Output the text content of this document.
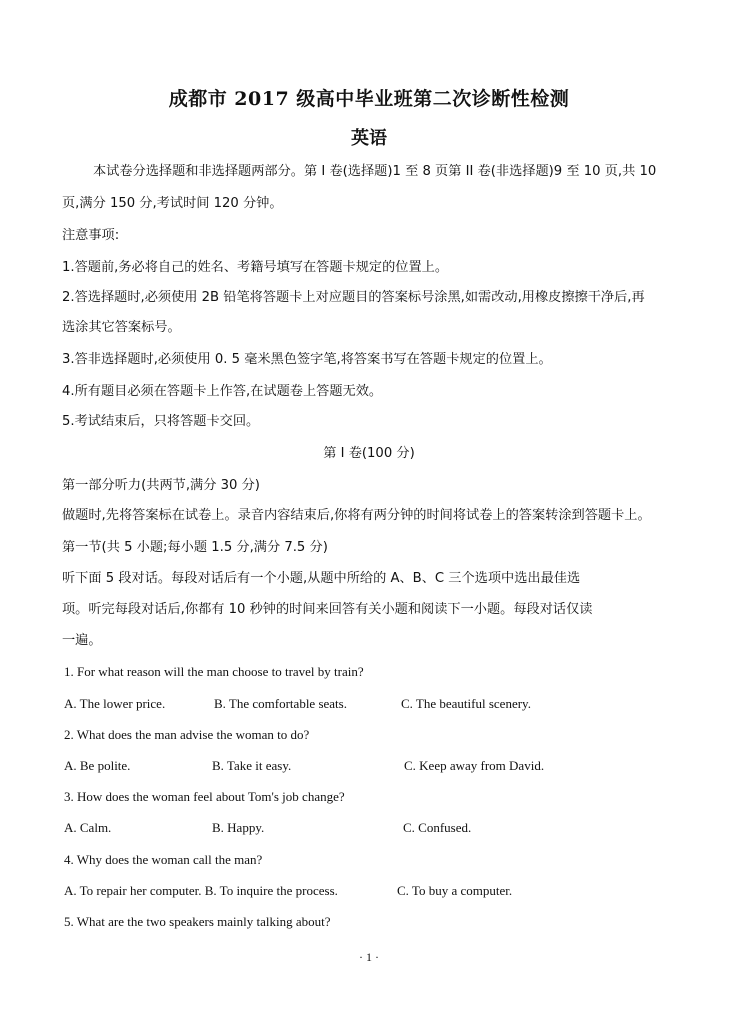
成都市 2017 级高中毕业班第二次诊断性检测
英语
本试卷分选择题和非选择题两部分。第 I 卷(选择题)1 至 8 页第 II 卷(非选择题)9 至 10 页,共 10
页,满分 150 分,考试时间 120 分钟。
注意事项:
1.答题前,务必将自己的姓名、考籍号填写在答题卡规定的位置上。
2.答选择题时,必须使用 2B 铅笔将答题卡上对应题目的答案标号涂黑,如需改动,用橡皮擦擦干净后,再
选涂其它答案标号。
3.答非选择题时,必须使用 0. 5 毫米黑色签字笔,将答案书写在答题卡规定的位置上。
4.所有题目必须在答题卡上作答,在试题卷上答题无效。
5.考试结束后，只将答题卡交回。
第 I 卷(100 分)
第一部分听力(共两节,满分 30 分)
做题时,先将答案标在试卷上。录音内容结束后,你将有两分钟的时间将试卷上的答案转涂到答题卡上。
第一节(共 5 小题;每小题 1.5 分,满分 7.5 分)
听下面 5 段对话。每段对话后有一个小题,从题中所给的 A、B、C 三个选项中选出最佳选
项。听完每段对话后,你都有 10 秒钟的时间来回答有关小题和阅读下一小题。每段对话仅读
一遍。
1. For what reason will the man choose to travel by train?
A. The lower price.	B. The comfortable seats.	C. The beautiful scenery.
2. What does the man advise the woman to do?
A. Be polite.	B. Take it easy.	C. Keep away from David.
3. How does the woman feel about Tom's job change?
A. Calm.	B. Happy.	C. Confused.
4. Why does the woman call the man?
A. To repair her computer. B. To inquire the process.	C. To buy a computer.
5. What are the two speakers mainly talking about?
· 1 ·
